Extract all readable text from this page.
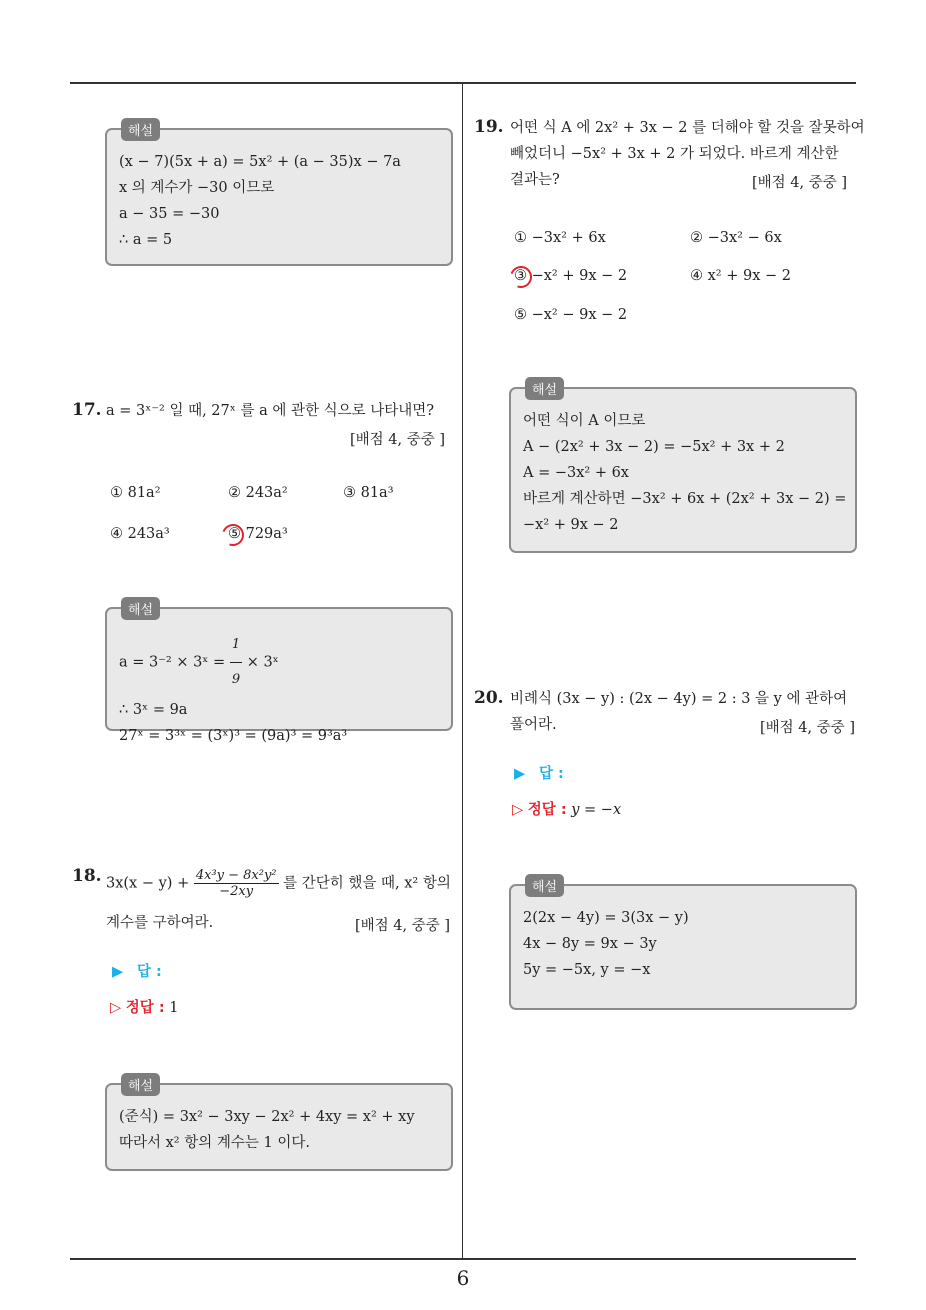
해설
(x − 7)(5x + a) = 5x² + (a − 35)x − 7a
x 의 계수가 −30 이므로
a − 35 = −30
∴ a = 5
17. a = 3ˣ⁻² 일 때, 27ˣ 를 a 에 관한 식으로 나타내면?
[배점 4, 중중 ]
① 81a²	② 243a²	③ 81a³
④ 243a³	⑤ 729a³
해설
a = 3⁻² × 3ˣ = $\frac{1}{9}$ × 3ˣ
∴ 3ˣ = 9a
27ˣ = 3³ˣ = (3ˣ)³ = (9a)³ = 9³a³
18. $3x(x - y) + \frac{\text{4x³y − 8x²y²}}{-2xy}$ 를 간단히 했을 때, x² 항의
계수를 구하여라.	[배점 4, 중중 ]
▶ 답 :
▷ 정답 : 1
해설
(준식) = 3x² − 3xy − 2x² + 4xy = x² + xy
따라서 x² 항의 계수는 1 이다.
19. 어떤 식 A 에 2x² + 3x − 2 를 더해야 할 것을 잘못하여
빼었더니 −5x² + 3x + 2 가 되었다. 바르게 계산한
결과는?	[배점 4, 중중 ]
① −3x² + 6x	② −3x² − 6x
③ −x² + 9x − 2	④ x² + 9x − 2
⑤ −x² − 9x − 2
해설
어떤 식이 A 이므로
A − (2x² + 3x − 2) = −5x² + 3x + 2
A = −3x² + 6x
바르게 계산하면 −3x² + 6x + (2x² + 3x − 2) =
−x² + 9x − 2
20. 비례식 (3x − y) : (2x − 4y) = 2 : 3 을 y 에 관하여
풀어라.	[배점 4, 중중 ]
▶ 답 :
▷ 정답 : y = −x
해설
2(2x − 4y) = 3(3x − y)
4x − 8y = 9x − 3y
5y = −5x, y = −x
6
